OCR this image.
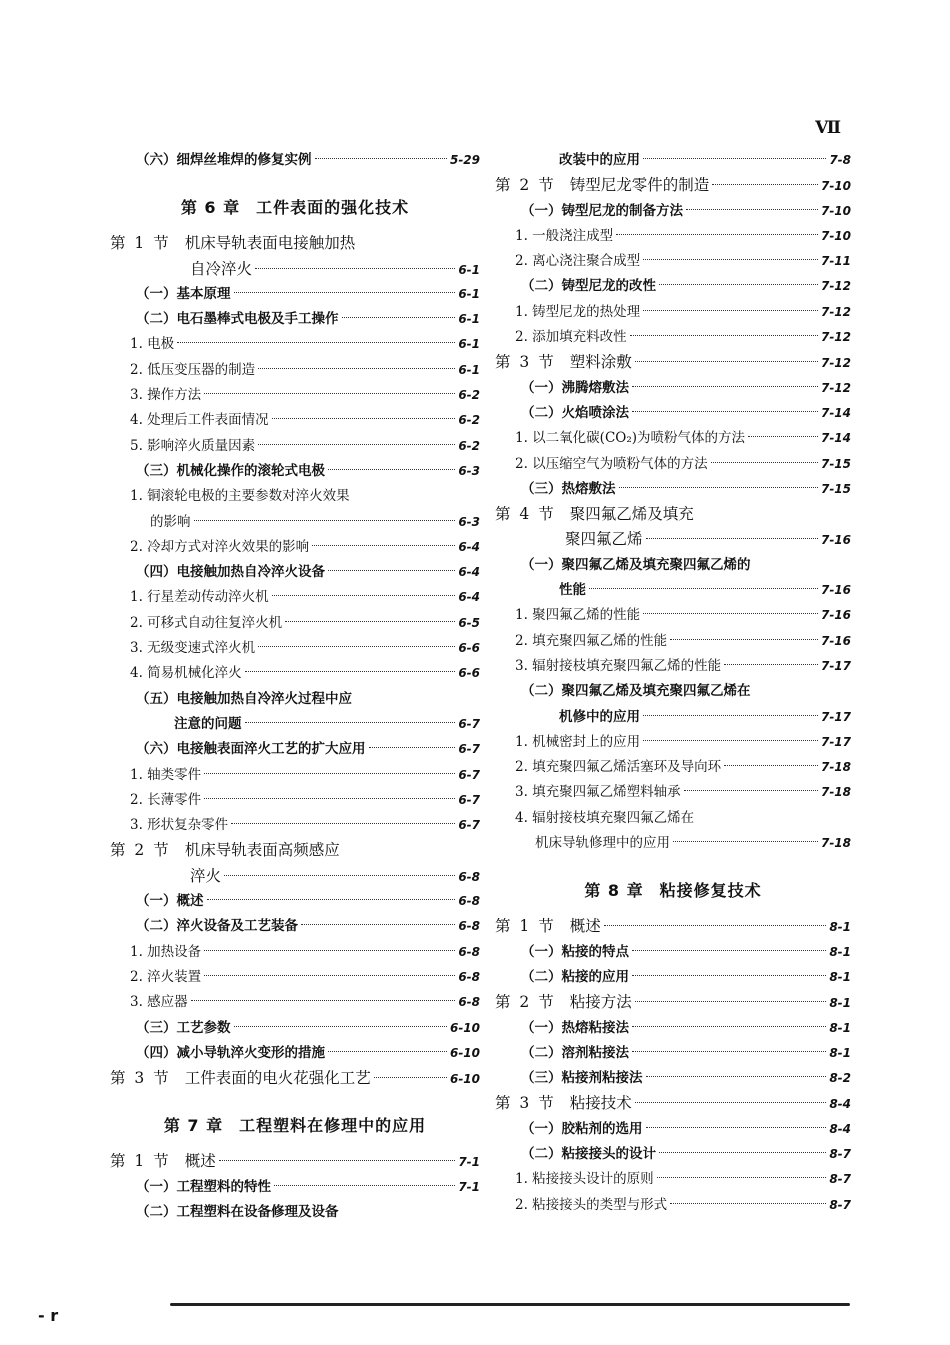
Ⅶ
（六）细焊丝堆焊的修复实例	5-29
第 6 章 工件表面的强化技术
第 1 节 机床导轨表面电接触加热
自冷淬火	6-1
（一）基本原理	6-1
（二）电石墨棒式电极及手工操作	6-1
1. 电极	6-1
2. 低压变压器的制造	6-1
3. 操作方法	6-2
4. 处理后工件表面情况	6-2
5. 影响淬火质量因素	6-2
（三）机械化操作的滚轮式电极	6-3
1. 铜滚轮电极的主要参数对淬火效果
的影响	6-3
2. 冷却方式对淬火效果的影响	6-4
（四）电接触加热自冷淬火设备	6-4
1. 行星差动传动淬火机	6-4
2. 可移式自动往复淬火机	6-5
3. 无级变速式淬火机	6-6
4. 简易机械化淬火	6-6
（五）电接触加热自冷淬火过程中应
注意的问题	6-7
（六）电接触表面淬火工艺的扩大应用	6-7
1. 轴类零件	6-7
2. 长薄零件	6-7
3. 形状复杂零件	6-7
第 2 节 机床导轨表面高频感应
淬火	6-8
（一）概述	6-8
（二）淬火设备及工艺装备	6-8
1. 加热设备	6-8
2. 淬火装置	6-8
3. 感应器	6-8
（三）工艺参数	6-10
（四）减小导轨淬火变形的措施	6-10
第 3 节 工件表面的电火花强化工艺	6-10
第 7 章 工程塑料在修理中的应用
第 1 节 概述	7-1
（一）工程塑料的特性	7-1
（二）工程塑料在设备修理及设备
改装中的应用	7-8
第 2 节 铸型尼龙零件的制造	7-10
（一）铸型尼龙的制备方法	7-10
1. 一般浇注成型	7-10
2. 离心浇注聚合成型	7-11
（二）铸型尼龙的改性	7-12
1. 铸型尼龙的热处理	7-12
2. 添加填充料改性	7-12
第 3 节 塑料涂敷	7-12
（一）沸腾熔敷法	7-12
（二）火焰喷涂法	7-14
1. 以二氧化碳(CO₂)为喷粉气体的方法	7-14
2. 以压缩空气为喷粉气体的方法	7-15
（三）热熔敷法	7-15
第 4 节 聚四氟乙烯及填充
聚四氟乙烯	7-16
（一）聚四氟乙烯及填充聚四氟乙烯的
性能	7-16
1. 聚四氟乙烯的性能	7-16
2. 填充聚四氟乙烯的性能	7-16
3. 辐射接枝填充聚四氟乙烯的性能	7-17
（二）聚四氟乙烯及填充聚四氟乙烯在
机修中的应用	7-17
1. 机械密封上的应用	7-17
2. 填充聚四氟乙烯活塞环及导向环	7-18
3. 填充聚四氟乙烯塑料轴承	7-18
4. 辐射接枝填充聚四氟乙烯在
机床导轨修理中的应用	7-18
第 8 章 粘接修复技术
第 1 节 概述	8-1
（一）粘接的特点	8-1
（二）粘接的应用	8-1
第 2 节 粘接方法	8-1
（一）热熔粘接法	8-1
（二）溶剂粘接法	8-1
（三）粘接剂粘接法	8-2
第 3 节 粘接技术	8-4
（一）胶粘剂的选用	8-4
（二）粘接接头的设计	8-7
1. 粘接接头设计的原则	8-7
2. 粘接接头的类型与形式	8-7
- r
